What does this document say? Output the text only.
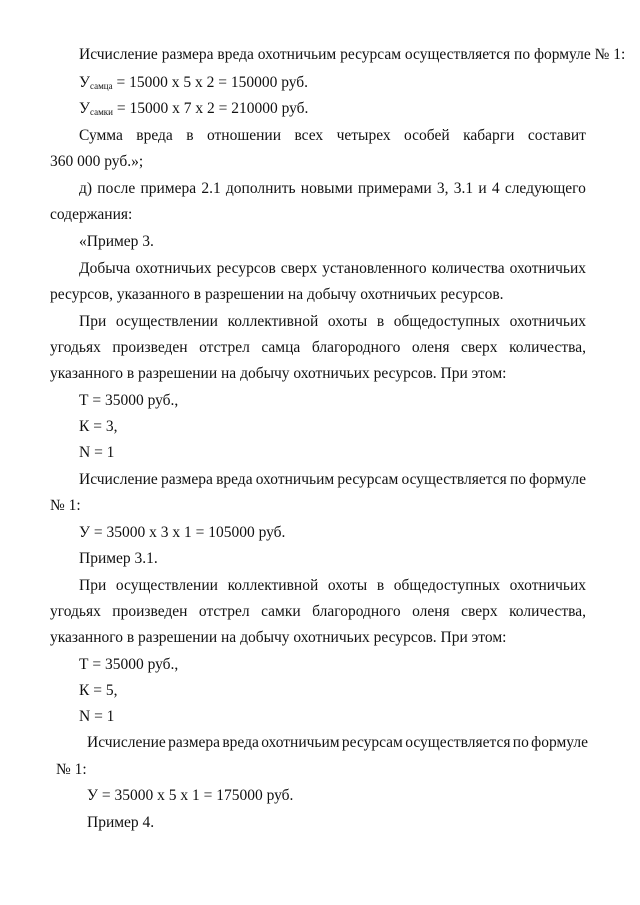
Исчисление размера вреда охотничьим ресурсам осуществляется по формуле № 1:
$У_{самца} = 15000$ х 5 х 2 = 150000 руб.
$У_{самки} = 15000$ х 7 х 2 = 210000 руб.
Сумма вреда в отношении всех четырех особей кабарги составит
360 000 руб.»;
д) после примера 2.1 дополнить новыми примерами 3, 3.1 и 4 следующего
содержания:
«Пример 3.
Добыча охотничьих ресурсов сверх установленного количества охотничьих
ресурсов, указанного в разрешении на добычу охотничьих ресурсов.
При осуществлении коллективной охоты в общедоступных охотничьих
угодьях произведен отстрел самца благородного оленя сверх количества,
указанного в разрешении на добычу охотничьих ресурсов. При этом:
Т = 35000 руб.,
К = 3,
N = 1
Исчисление размера вреда охотничьим ресурсам осуществляется по формуле
№ 1:
У = 35000 х 3 х 1 = 105000 руб.
Пример 3.1.
При осуществлении коллективной охоты в общедоступных охотничьих
угодьях произведен отстрел самки благородного оленя сверх количества,
указанного в разрешении на добычу охотничьих ресурсов. При этом:
Т = 35000 руб.,
К = 5,
N = 1
Исчисление размера вреда охотничьим ресурсам осуществляется по формуле
№ 1:
У = 35000 х 5 х 1 = 175000 руб.
Пример 4.
